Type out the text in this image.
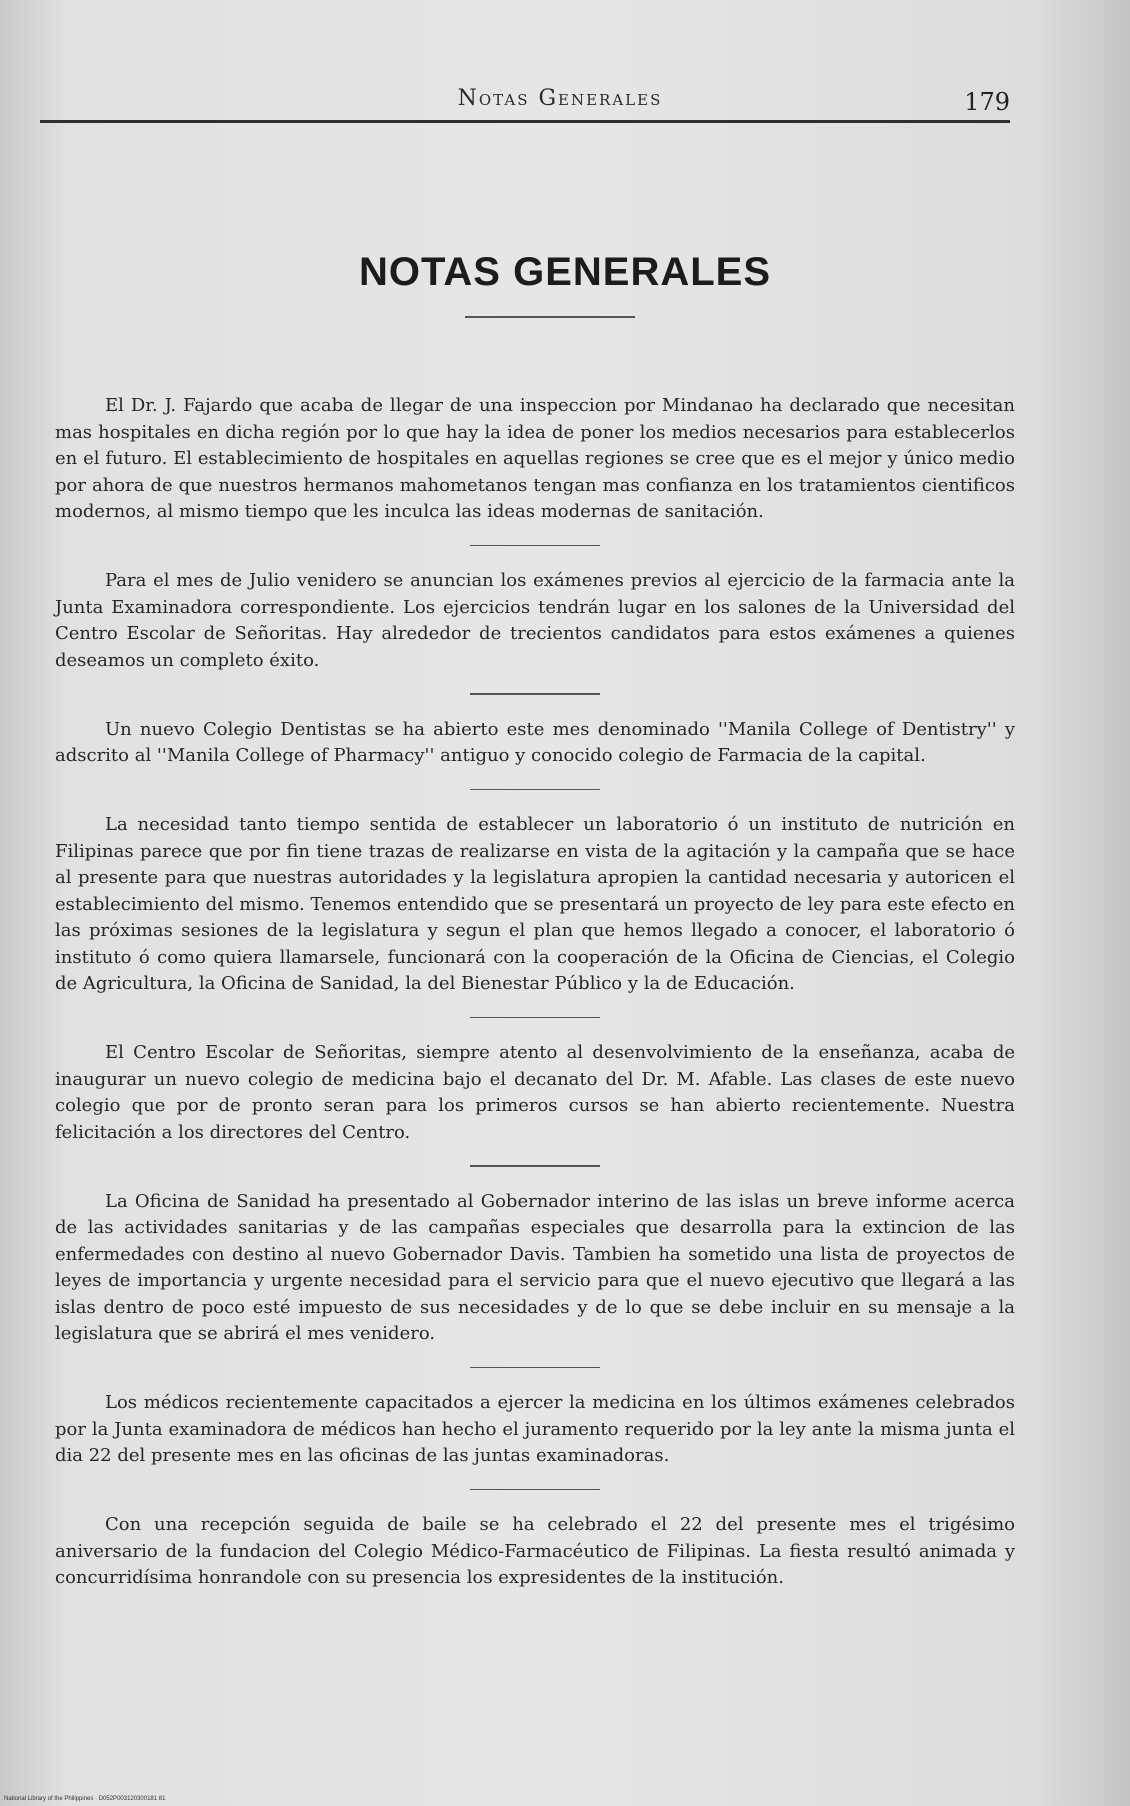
Notas Generales	179
NOTAS GENERALES

El Dr. J. Fajardo que acaba de llegar de una inspeccion por Mindanao ha declarado que necesitan mas hospitales en dicha región por lo que hay la idea de poner los medios necesarios para establecerlos en el futuro. El establecimiento de hospitales en aquellas regiones se cree que es el mejor y único medio por ahora de que nuestros hermanos mahometanos tengan mas confianza en los tratamientos cientificos modernos, al mismo tiempo que les inculca las ideas modernas de sanitación.

Para el mes de Julio venidero se anuncian los exámenes previos al ejercicio de la farmacia ante la Junta Examinadora correspondiente. Los ejercicios tendrán lugar en los salones de la Universidad del Centro Escolar de Señoritas. Hay alrededor de trecientos candidatos para estos exámenes a quienes deseamos un completo éxito.

Un nuevo Colegio Dentistas se ha abierto este mes denominado ''Manila College of Dentistry'' y adscrito al ''Manila College of Pharmacy'' antiguo y conocido colegio de Farmacia de la capital.

La necesidad tanto tiempo sentida de establecer un laboratorio ó un instituto de nutrición en Filipinas parece que por fin tiene trazas de realizarse en vista de la agitación y la campaña que se hace al presente para que nuestras autoridades y la legislatura apropien la cantidad necesaria y autoricen el establecimiento del mismo. Tenemos entendido que se presentará un proyecto de ley para este efecto en las próximas sesiones de la legislatura y segun el plan que hemos llegado a conocer, el laboratorio ó instituto ó como quiera llamarsele, funcionará con la cooperación de la Oficina de Ciencias, el Colegio de Agricultura, la Oficina de Sanidad, la del Bienestar Público y la de Educación.

El Centro Escolar de Señoritas, siempre atento al desenvolvimiento de la enseñanza, acaba de inaugurar un nuevo colegio de medicina bajo el decanato del Dr. M. Afable. Las clases de este nuevo colegio que por de pronto seran para los primeros cursos se han abierto recientemente. Nuestra felicitación a los directores del Centro.

La Oficina de Sanidad ha presentado al Gobernador interino de las islas un breve informe acerca de las actividades sanitarias y de las campañas especiales que desarrolla para la extincion de las enfermedades con destino al nuevo Gobernador Davis. Tambien ha sometido una lista de proyectos de leyes de importancia y urgente necesidad para el servicio para que el nuevo ejecutivo que llegará a las islas dentro de poco esté impuesto de sus necesidades y de lo que se debe incluir en su mensaje a la legislatura que se abrirá el mes venidero.

Los médicos recientemente capacitados a ejercer la medicina en los últimos exámenes celebrados por la Junta examinadora de médicos han hecho el juramento requerido por la ley ante la misma junta el dia 22 del presente mes en las oficinas de las juntas examinadoras.

Con una recepción seguida de baile se ha celebrado el 22 del presente mes el trigésimo aniversario de la fundacion del Colegio Médico-Farmacéutico de Filipinas. La fiesta resultó animada y concurridísima honrandole con su presencia los expresidentes de la institución.

National Library of the Philippines · D052P003120300181 81
